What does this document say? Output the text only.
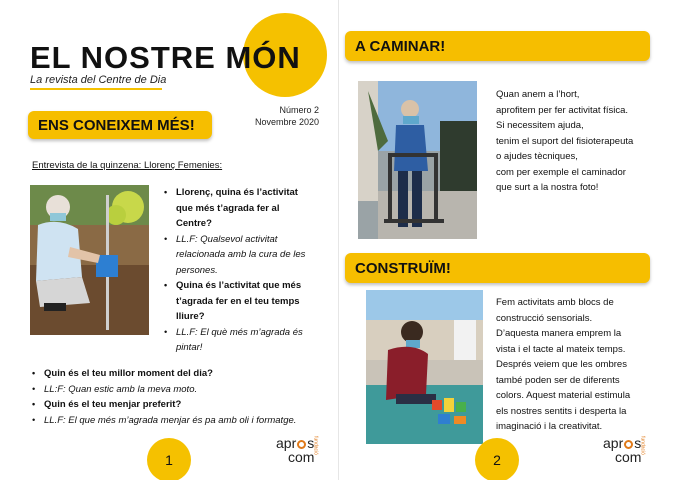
EL NOSTRE MÓN
La revista del Centre de Dia
Número 2
Novembre 2020
ENS CONEIXEM MÉS!
Entrevista de la quinzena: Llorenç Femenies:
• Llorenç, quina és l’activitat que més t’agrada fer al Centre?
• LL.F: Qualsevol activitat relacionada amb la cura de les persones.
• Quina és l’activitat que més t’agrada fer en el teu temps lliure?
• LL.F: El què més m’agrada és pintar!
• Quin és el teu millor moment del dia?
• LL:F: Quan estic amb la meva moto.
• Quin és el teu menjar preferit?
• LL.F: El que més m’agrada menjar és pa amb oli i formatge.
1
apr s
com
fundació
A CAMINAR!
Quan anem a l’hort,
aprofitem per fer activitat física.
Si necessitem ajuda,
tenim el suport del fisioterapeuta
o ajudes tècniques,
com per exemple el caminador
que surt a la nostra foto!
CONSTRUÏM!
Fem activitats amb blocs de
construcció sensorials.
D’aquesta manera emprem la
vista i el tacte al mateix temps.
Després veiem que les ombres
també poden ser de diferents
colors. Aquest material estimula
els nostres sentits i desperta la
imaginació i la creativitat.
2
apr s
com
fundació
